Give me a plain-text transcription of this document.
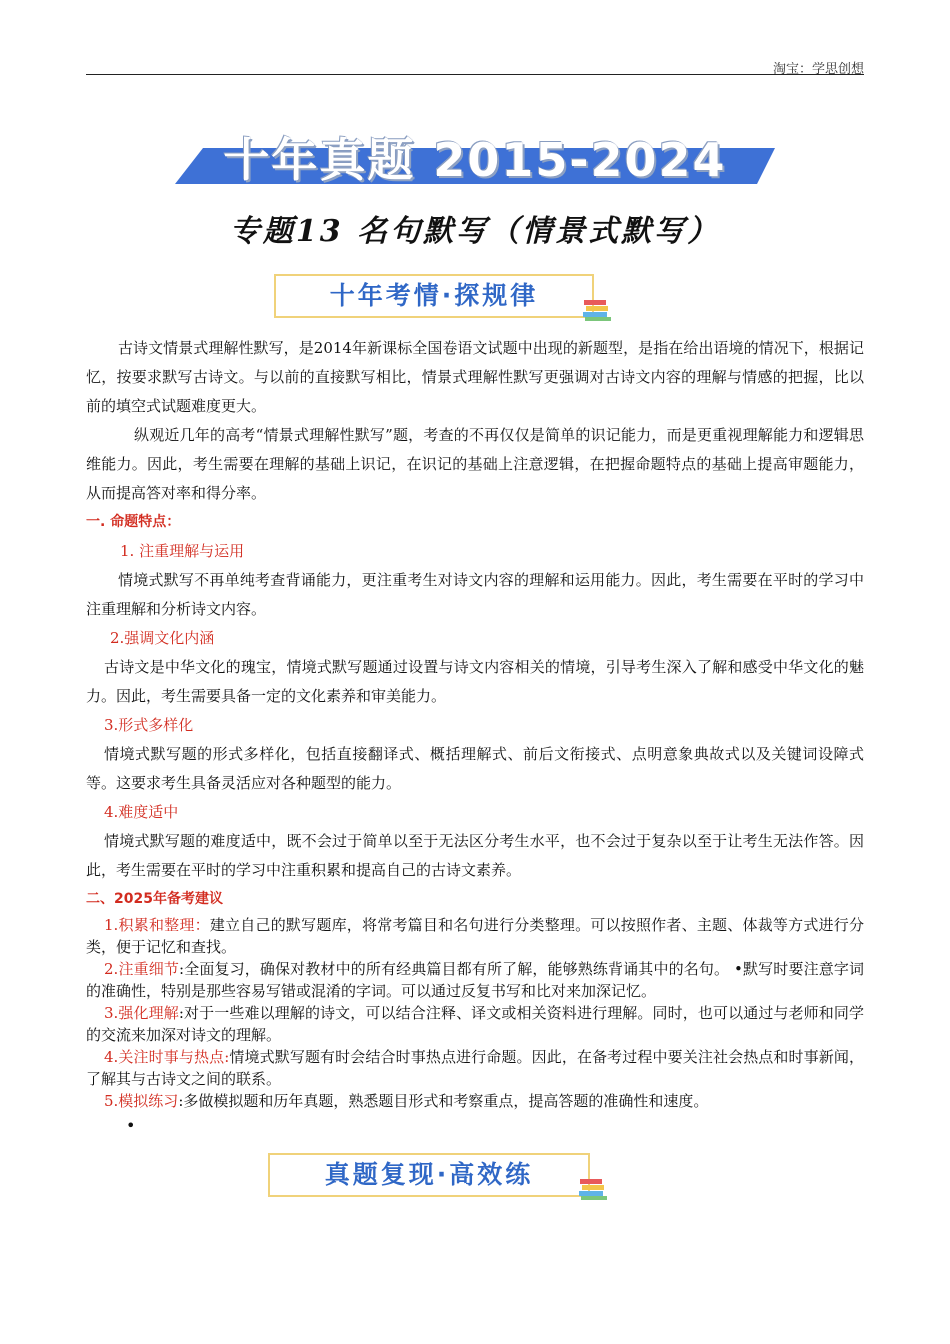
淘宝：学思创想
十年真题 2015-2024
专题13 名句默写（情景式默写）
十年考情·探规律

古诗文情景式理解性默写，是2014年新课标全国卷语文试题中出现的新题型，是指在给出语境的情况下，根据记忆，按要求默写古诗文。与以前的直接默写相比，情景式理解性默写更强调对古诗文内容的理解与情感的把握，比以前的填空式试题难度更大。

纵观近几年的高考“情景式理解性默写”题，考查的不再仅仅是简单的识记能力，而是更重视理解能力和逻辑思维能力。因此，考生需要在理解的基础上识记，在识记的基础上注意逻辑，在把握命题特点的基础上提高审题能力，从而提高答对率和得分率。

一. 命题特点：
1. 注重理解与运用

情境式默写不再单纯考查背诵能力，更注重考生对诗文内容的理解和运用能力。因此，考生需要在平时的学习中注重理解和分析诗文内容。

2.强调文化内涵

古诗文是中华文化的瑰宝，情境式默写题通过设置与诗文内容相关的情境，引导考生深入了解和感受中华文化的魅力。因此，考生需要具备一定的文化素养和审美能力。

3.形式多样化

情境式默写题的形式多样化，包括直接翻译式、概括理解式、前后文衔接式、点明意象典故式以及关键词设障式等。这要求考生具备灵活应对各种题型的能力。

4.难度适中

情境式默写题的难度适中，既不会过于简单以至于无法区分考生水平，也不会过于复杂以至于让考生无法作答。因此，考生需要在平时的学习中注重积累和提高自己的古诗文素养。

二、2025年备考建议

1.积累和整理：建立自己的默写题库，将常考篇目和名句进行分类整理。可以按照作者、主题、体裁等方式进行分类，便于记忆和查找。

2.注重细节:全面复习，确保对教材中的所有经典篇目都有所了解，能够熟练背诵其中的名句。 •默写时要注意字词的准确性，特别是那些容易写错或混淆的字词。可以通过反复书写和比对来加深记忆。

3.强化理解:对于一些难以理解的诗文，可以结合注释、译文或相关资料进行理解。同时，也可以通过与老师和同学的交流来加深对诗文的理解。

4.关注时事与热点:情境式默写题有时会结合时事热点进行命题。因此，在备考过程中要关注社会热点和时事新闻，了解其与古诗文之间的联系。

5.模拟练习:多做模拟题和历年真题，熟悉题目形式和考察重点，提高答题的准确性和速度。

•
真题复现·高效练
